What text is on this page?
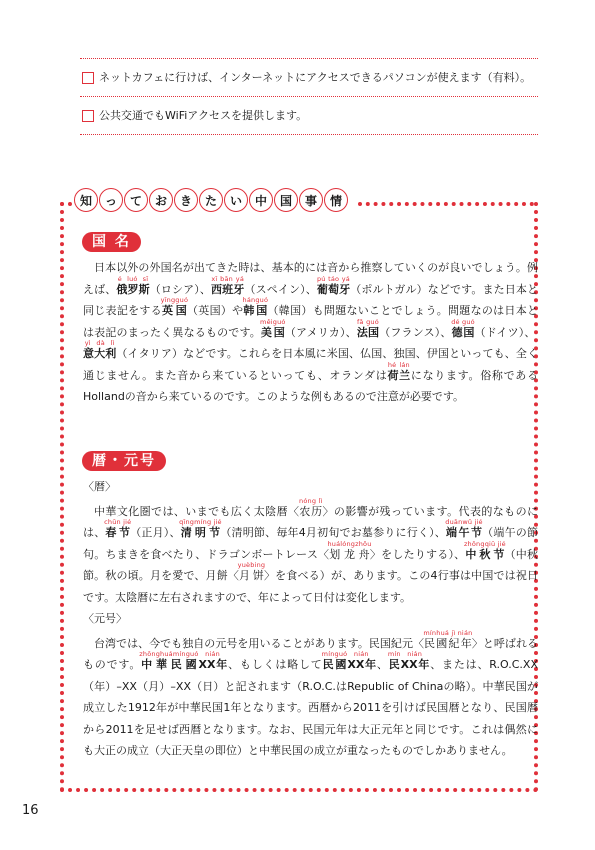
ネットカフェに行けば、インターネットにアクセスできるパソコンが使えます（有料）。
公共交通でもWiFiアクセスを提供します。
知	っ	て	お	き	た	い	中	国	事	情
国 名

日本以外の外国名が出てきた時は、基本的には音から推察していくのが良いでしょう。例えば、俄罗斯é luó sī（ロシア）、西班牙xī bān yá（スペイン）、葡萄牙pú táo yá（ポルトガル）などです。また日本と同じ表記をする英国yīngguó（英国）や韩国hánguó（韓国）も問題ないことでしょう。問題なのは日本とは表記のまったく異なるものです。美国měiguó（アメリカ）、法国fǎ guó（フランス）、德国dé guó（ドイツ）、意大利yì dà lì（イタリア）などです。これらを日本風に米国、仏国、独国、伊国といっても、全く通じません。また音から来ているといっても、オランダは荷兰hé lánになります。俗称であるHollandの音から来ているのです。このような例もあるので注意が必要です。

暦・元号

〈暦〉

中華文化圏では、いまでも広く太陰暦〈农历nóng lì〉の影響が残っています。代表的なものには、春节chūn jié（正月）、清明节qīngmíng jié（清明節、毎年4月初旬でお墓参りに行く）、端午节duānwǔ jié（端午の節句。ちまきを食べたり、ドラゴンボートレース〈划龙舟huálóngzhōu〉をしたりする）、中秋节zhōngqiū jié（中秋節。秋の頃。月を愛で、月餅〈月饼yuèbing〉を食べる）が、あります。この4行事は中国では祝日です。太陰暦に左右されますので、年によって日付は変化します。

〈元号〉

台湾では、今でも独自の元号を用いることがあります。民国紀元〈民國紀年mínhuá jì nián〉と呼ばれるものです。中華民國zhōnghuámínguóXX年nián、もしくは略して民國mínguóXX年nián、民mínXX年nián、または、R.O.C.XX（年）–XX（月）–XX（日）と記されます（R.O.C.はRepublic of Chinaの略）。中華民国が成立した1912年が中華民国1年となります。西暦から2011を引けば民国暦となり、民国暦から2011を足せば西暦となります。なお、民国元年は大正元年と同じです。これは偶然にも大正の成立（大正天皇の即位）と中華民国の成立が重なったものでしかありません。

16
